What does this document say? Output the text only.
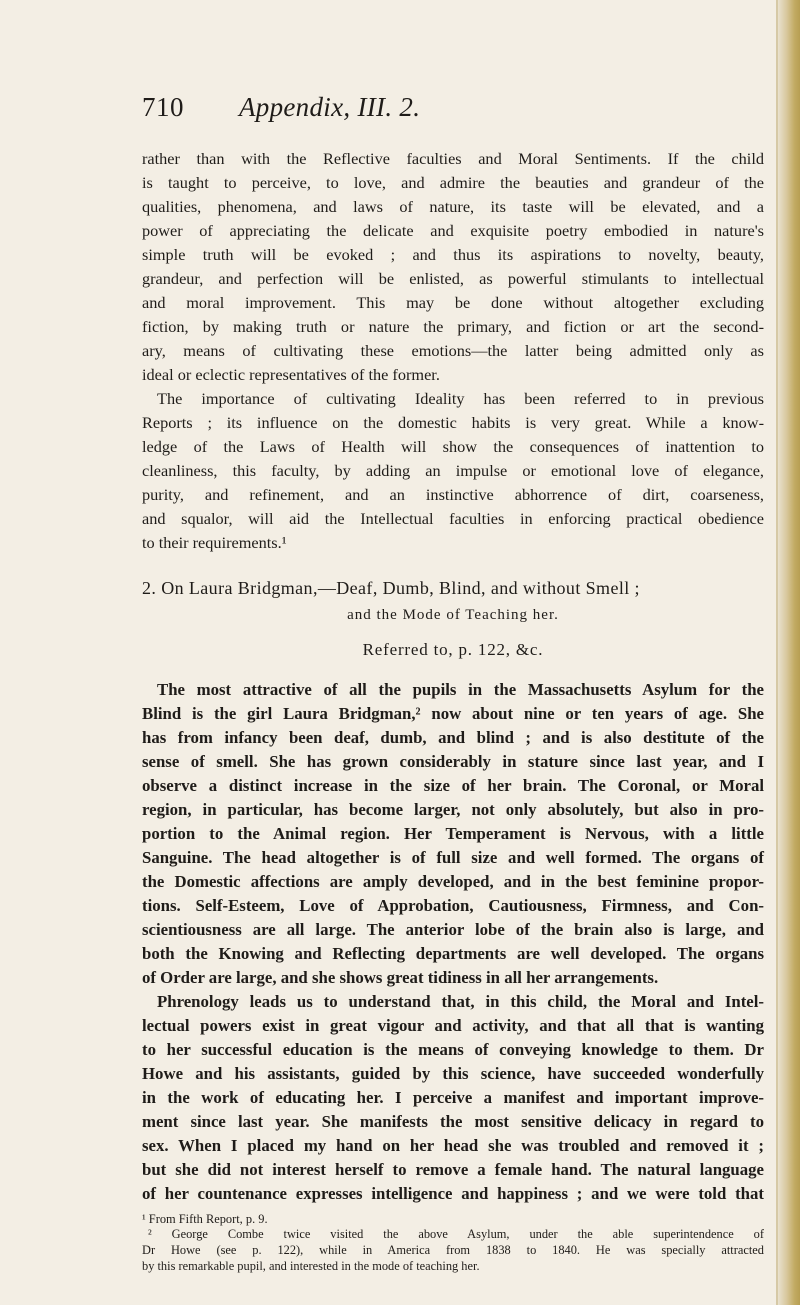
710 Appendix, III. 2.
rather than with the Reflective faculties and Moral Sentiments. If the child
is taught to perceive, to love, and admire the beauties and grandeur of the
qualities, phenomena, and laws of nature, its taste will be elevated, and a
power of appreciating the delicate and exquisite poetry embodied in nature's
simple truth will be evoked ; and thus its aspirations to novelty, beauty,
grandeur, and perfection will be enlisted, as powerful stimulants to intellectual
and moral improvement. This may be done without altogether excluding
fiction, by making truth or nature the primary, and fiction or art the second-
ary, means of cultivating these emotions—the latter being admitted only as
ideal or eclectic representatives of the former.
The importance of cultivating Ideality has been referred to in previous
Reports ; its influence on the domestic habits is very great. While a know-
ledge of the Laws of Health will show the consequences of inattention to
cleanliness, this faculty, by adding an impulse or emotional love of elegance,
purity, and refinement, and an instinctive abhorrence of dirt, coarseness,
and squalor, will aid the Intellectual faculties in enforcing practical obedience
to their requirements.¹
2. On Laura Bridgman,—Deaf, Dumb, Blind, and without Smell ;
and the Mode of Teaching her.
Referred to, p. 122, &c.
The most attractive of all the pupils in the Massachusetts Asylum for the
Blind is the girl Laura Bridgman,² now about nine or ten years of age. She
has from infancy been deaf, dumb, and blind ; and is also destitute of the
sense of smell. She has grown considerably in stature since last year, and I
observe a distinct increase in the size of her brain. The Coronal, or Moral
region, in particular, has become larger, not only absolutely, but also in pro-
portion to the Animal region. Her Temperament is Nervous, with a little
Sanguine. The head altogether is of full size and well formed. The organs of
the Domestic affections are amply developed, and in the best feminine propor-
tions. Self-Esteem, Love of Approbation, Cautiousness, Firmness, and Con-
scientiousness are all large. The anterior lobe of the brain also is large, and
both the Knowing and Reflecting departments are well developed. The organs
of Order are large, and she shows great tidiness in all her arrangements.
Phrenology leads us to understand that, in this child, the Moral and Intel-
lectual powers exist in great vigour and activity, and that all that is wanting
to her successful education is the means of conveying knowledge to them. Dr
Howe and his assistants, guided by this science, have succeeded wonderfully
in the work of educating her. I perceive a manifest and important improve-
ment since last year. She manifests the most sensitive delicacy in regard to
sex. When I placed my hand on her head she was troubled and removed it ;
but she did not interest herself to remove a female hand. The natural language
of her countenance expresses intelligence and happiness ; and we were told that
¹ From Fifth Report, p. 9.
² George Combe twice visited the above Asylum, under the able superintendence of
Dr Howe (see p. 122), while in America from 1838 to 1840. He was specially attracted
by this remarkable pupil, and interested in the mode of teaching her.
